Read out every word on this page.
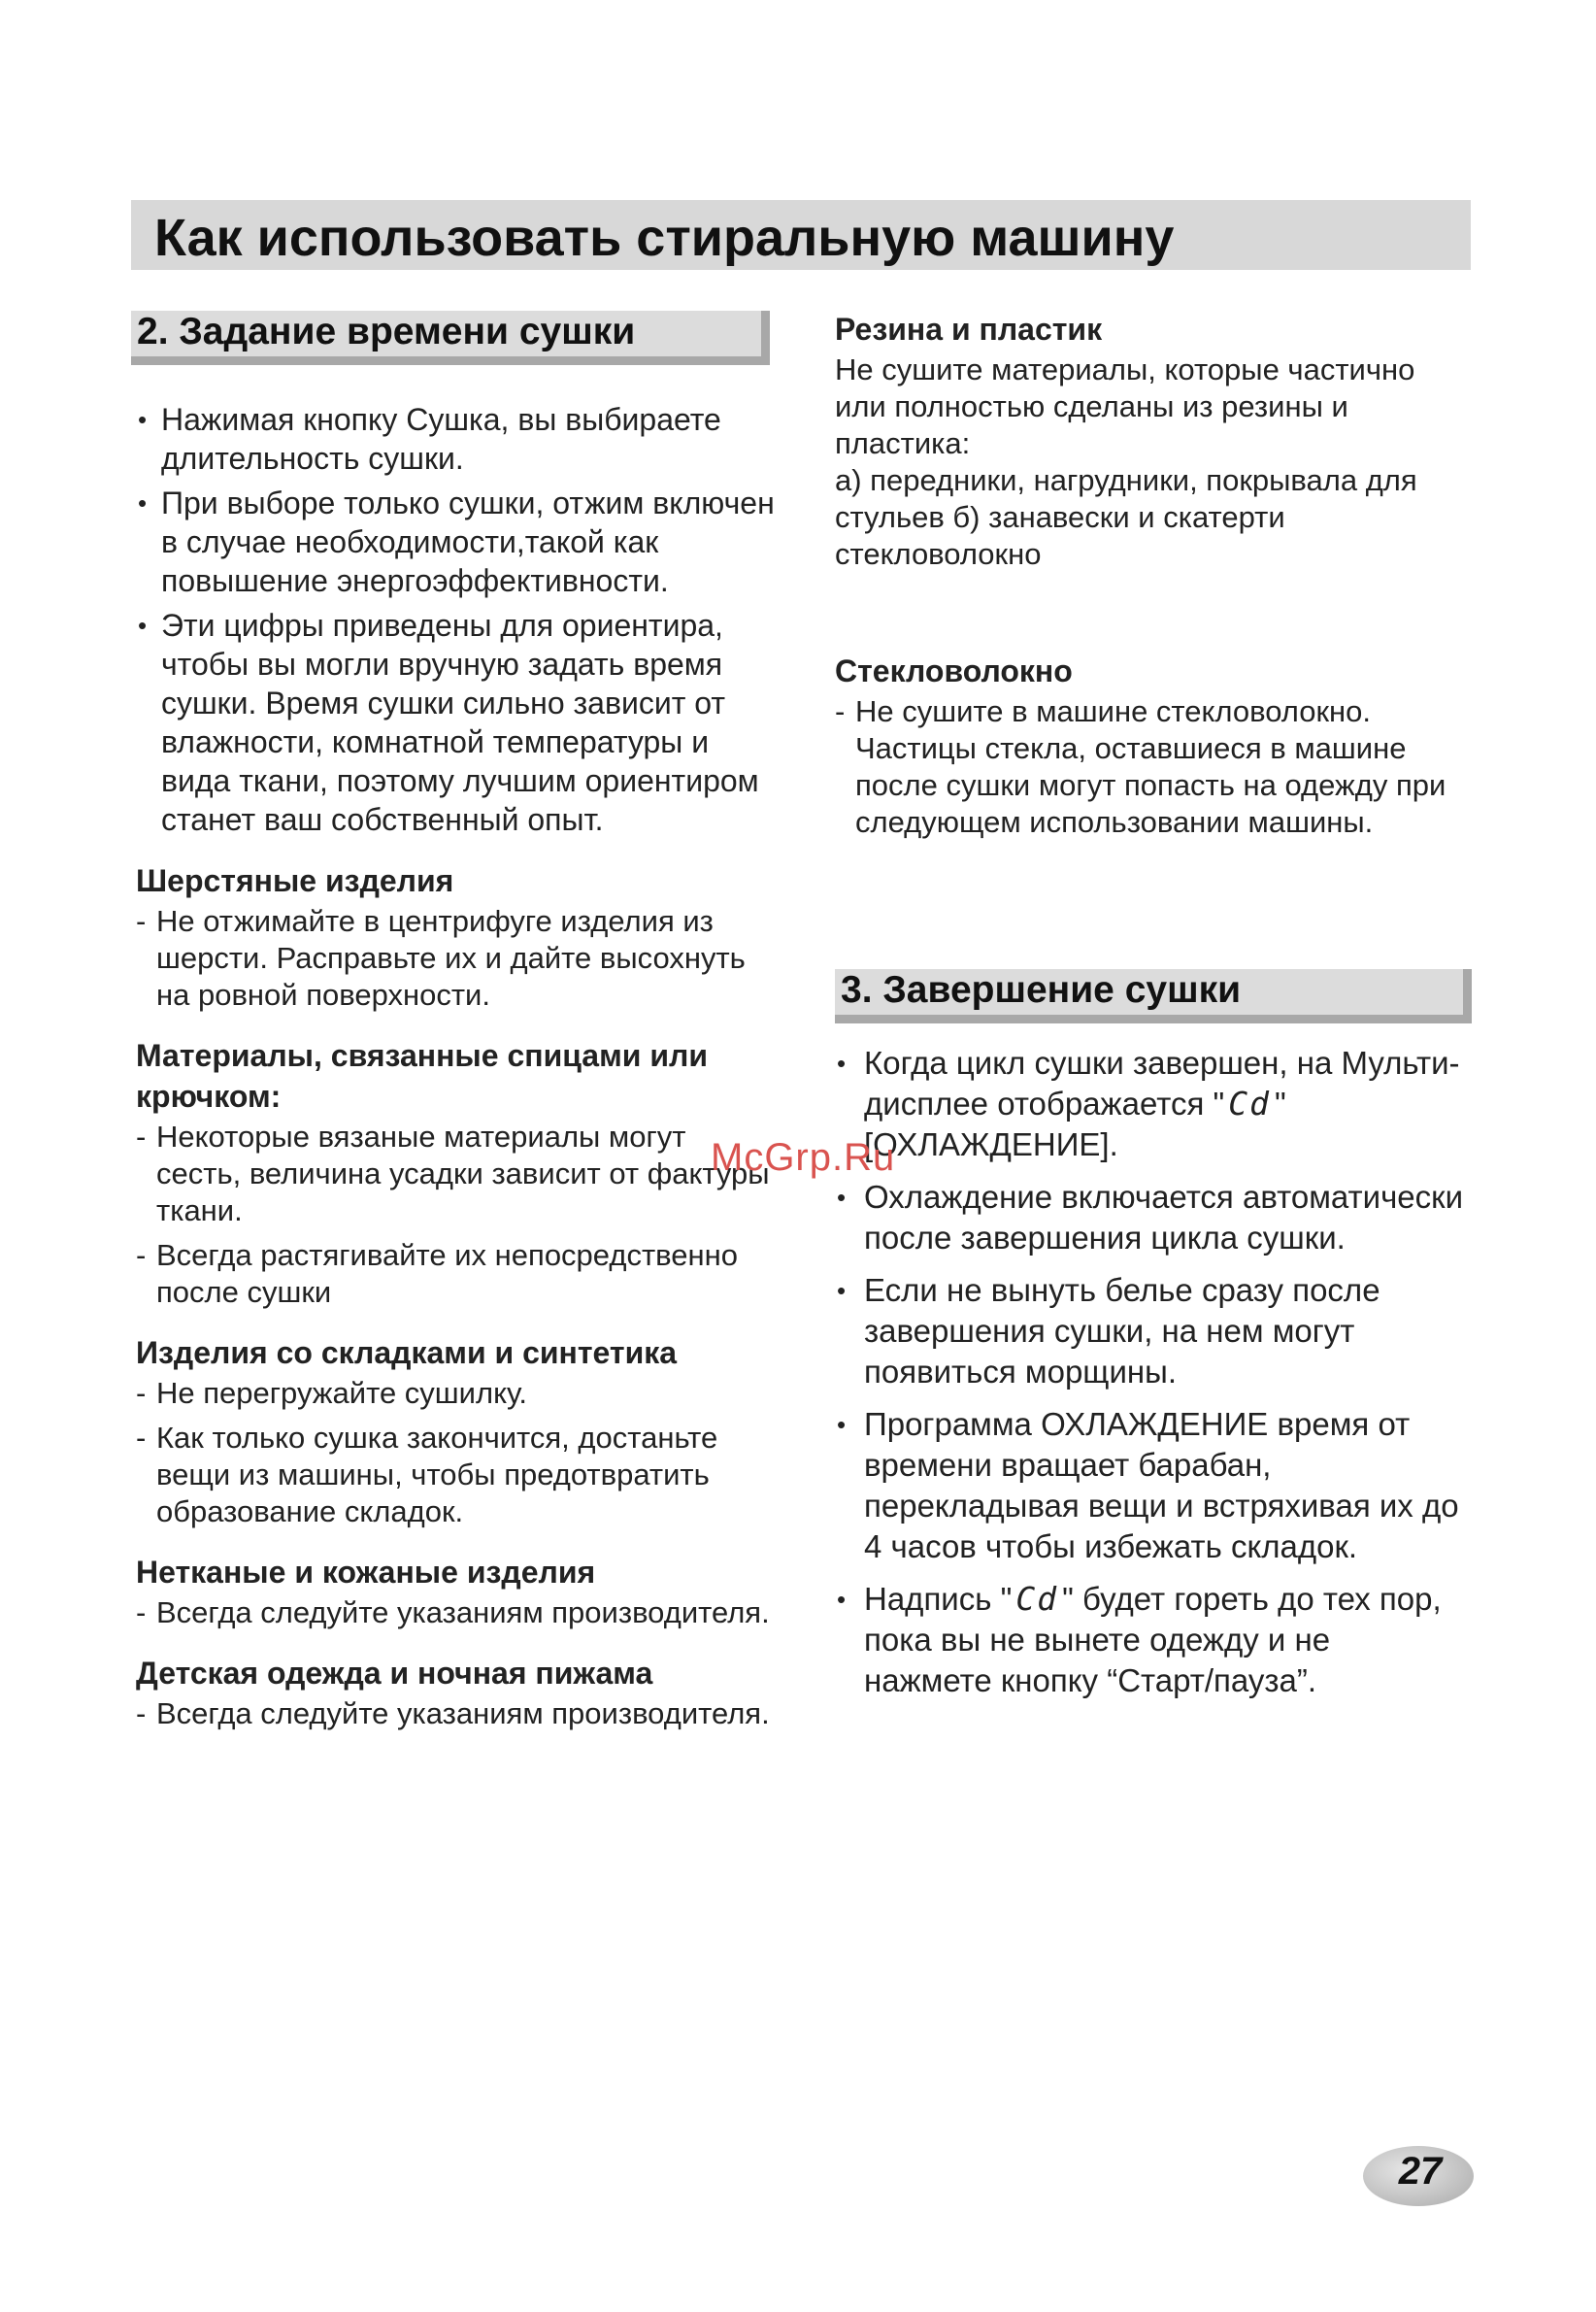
Как использовать стиральную машину
2. Задание времени сушки
• Нажимая кнопку Сушка, вы выбираете длительность сушки.
• При выборе только сушки, отжим включен в случае необходимости,такой как повышение энергоэффективности.
• Эти цифры приведены для ориентира, чтобы вы могли вручную задать время сушки. Время сушки сильно зависит от влажности, комнатной температуры и вида ткани, поэтому лучшим ориентиром станет ваш собственный опыт.
Шерстяные изделия
- Не отжимайте в центрифуге изделия из шерсти. Расправьте их и дайте высохнуть на ровной поверхности.
Материалы, связанные спицами или крючком:
- Некоторые вязаные материалы могут сесть, величина усадки зависит от фактуры ткани.
- Всегда растягивайте их непосредственно после сушки
Изделия со складками и синтетика
- Не перегружайте сушилку.
- Как только сушка закончится, достаньте вещи из машины, чтобы предотвратить образование складок.
Нетканые и кожаные изделия
- Всегда следуйте указаниям производителя.
Детская одежда и ночная пижама
- Всегда следуйте указаниям производителя.
Резина и пластик
Не сушите материалы, которые частично или полностью сделаны из резины и пластика:
а) передники, нагрудники, покрывала для стульев б) занавески и скатерти стекловолокно
Стекловолокно
- Не сушите в машине стекловолокно. Частицы стекла, оставшиеся в машине после сушки могут попасть на одежду при следующем использовании машины.
3. Завершение сушки
• Когда цикл сушки завершен, на Мульти-дисплее отображается " Cd " [ОХЛАЖДЕНИЕ].
• Охлаждение включается автоматически после завершения цикла сушки.
• Если не вынуть белье сразу после завершения сушки, на нем могут появиться морщины.
• Программа ОХЛАЖДЕНИЕ время от времени вращает барабан, перекладывая вещи и встряхивая их до 4 часов чтобы избежать складок.
• Надпись " Cd " будет гореть до тех пор, пока вы не вынете одежду и не нажмете кнопку “Старт/пауза”.
McGrp.Ru
27
